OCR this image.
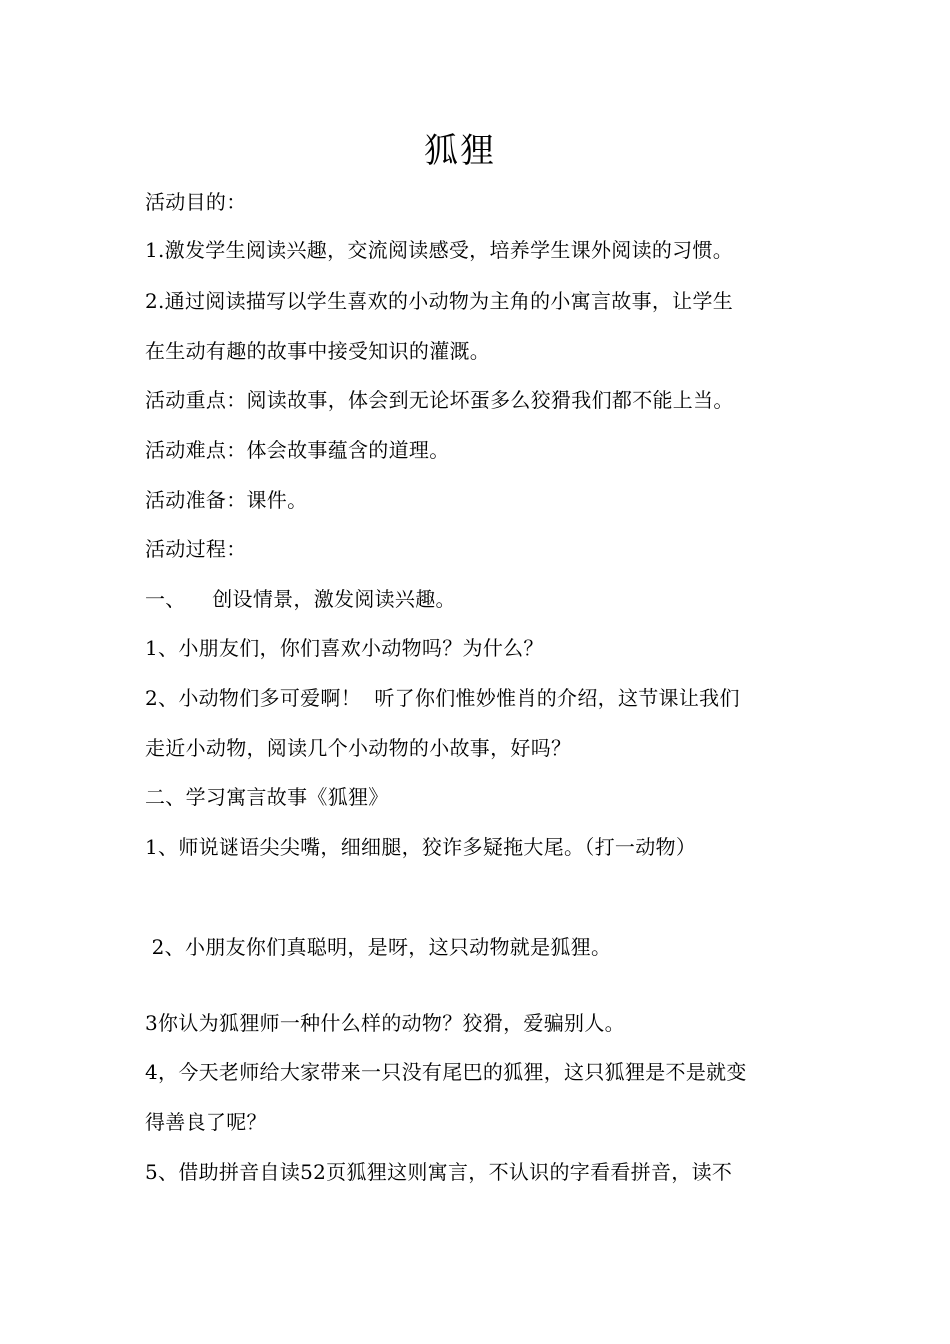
狐狸
活动目的：
1.激发学生阅读兴趣，交流阅读感受，培养学生课外阅读的习惯。
2.通过阅读描写以学生喜欢的小动物为主角的小寓言故事，让学生
在生动有趣的故事中接受知识的灌溉。
活动重点：阅读故事，体会到无论坏蛋多么狡猾我们都不能上当。
活动难点：体会故事蕴含的道理。
活动准备：课件。
活动过程：
一、    创设情景，激发阅读兴趣。
1、小朋友们，你们喜欢小动物吗？为什么？
2、小动物们多可爱啊！  听了你们惟妙惟肖的介绍，这节课让我们
走近小动物，阅读几个小动物的小故事，好吗？
二、学习寓言故事《狐狸》
1、师说谜语尖尖嘴，细细腿，狡诈多疑拖大尾。（打一动物）
2、小朋友你们真聪明，是呀，这只动物就是狐狸。
3你认为狐狸师一种什么样的动物？狡猾，爱骗别人。
4，今天老师给大家带来一只没有尾巴的狐狸，这只狐狸是不是就变
得善良了呢？
5、借助拼音自读52页狐狸这则寓言，不认识的字看看拼音，读不
